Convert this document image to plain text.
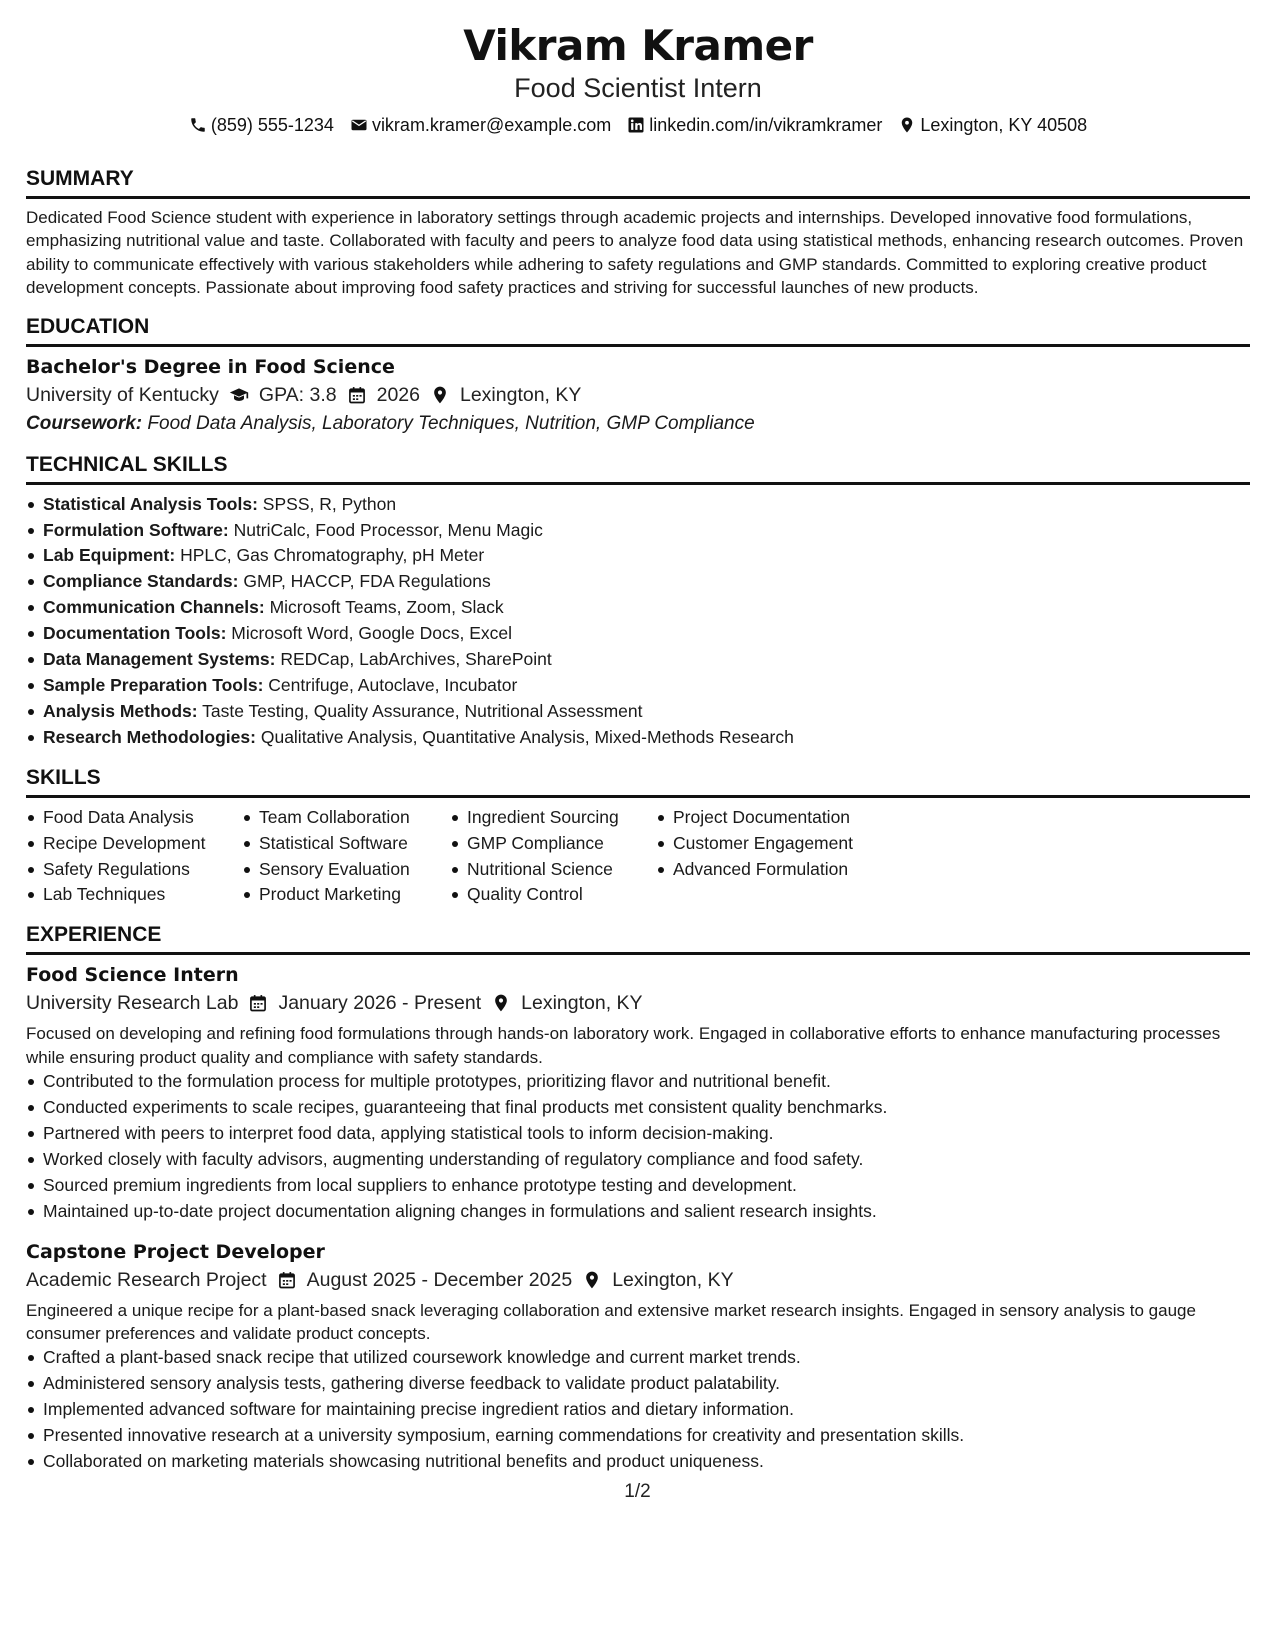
Vikram Kramer
Food Scientist Intern
(859) 555-1234 vikram.kramer@example.com linkedin.com/in/vikramkramer Lexington, KY 40508
SUMMARY
Dedicated Food Science student with experience in laboratory settings through academic projects and internships. Developed innovative food formulations, emphasizing nutritional value and taste. Collaborated with faculty and peers to analyze food data using statistical methods, enhancing research outcomes. Proven ability to communicate effectively with various stakeholders while adhering to safety regulations and GMP standards. Committed to exploring creative product development concepts. Passionate about improving food safety practices and striving for successful launches of new products.
EDUCATION
Bachelor's Degree in Food Science
University of Kentucky GPA: 3.8 2026 Lexington, KY
Coursework: Food Data Analysis, Laboratory Techniques, Nutrition, GMP Compliance
TECHNICAL SKILLS
Statistical Analysis Tools: SPSS, R, Python
Formulation Software: NutriCalc, Food Processor, Menu Magic
Lab Equipment: HPLC, Gas Chromatography, pH Meter
Compliance Standards: GMP, HACCP, FDA Regulations
Communication Channels: Microsoft Teams, Zoom, Slack
Documentation Tools: Microsoft Word, Google Docs, Excel
Data Management Systems: REDCap, LabArchives, SharePoint
Sample Preparation Tools: Centrifuge, Autoclave, Incubator
Analysis Methods: Taste Testing, Quality Assurance, Nutritional Assessment
Research Methodologies: Qualitative Analysis, Quantitative Analysis, Mixed-Methods Research
SKILLS
Food Data Analysis
Recipe Development
Safety Regulations
Lab Techniques
Team Collaboration
Statistical Software
Sensory Evaluation
Product Marketing
Ingredient Sourcing
GMP Compliance
Nutritional Science
Quality Control
Project Documentation
Customer Engagement
Advanced Formulation
EXPERIENCE
Food Science Intern
University Research Lab January 2026 - Present Lexington, KY
Focused on developing and refining food formulations through hands-on laboratory work. Engaged in collaborative efforts to enhance manufacturing processes while ensuring product quality and compliance with safety standards.
Contributed to the formulation process for multiple prototypes, prioritizing flavor and nutritional benefit.
Conducted experiments to scale recipes, guaranteeing that final products met consistent quality benchmarks.
Partnered with peers to interpret food data, applying statistical tools to inform decision-making.
Worked closely with faculty advisors, augmenting understanding of regulatory compliance and food safety.
Sourced premium ingredients from local suppliers to enhance prototype testing and development.
Maintained up-to-date project documentation aligning changes in formulations and salient research insights.
Capstone Project Developer
Academic Research Project August 2025 - December 2025 Lexington, KY
Engineered a unique recipe for a plant-based snack leveraging collaboration and extensive market research insights. Engaged in sensory analysis to gauge consumer preferences and validate product concepts.
Crafted a plant-based snack recipe that utilized coursework knowledge and current market trends.
Administered sensory analysis tests, gathering diverse feedback to validate product palatability.
Implemented advanced software for maintaining precise ingredient ratios and dietary information.
Presented innovative research at a university symposium, earning commendations for creativity and presentation skills.
Collaborated on marketing materials showcasing nutritional benefits and product uniqueness.
1/2
